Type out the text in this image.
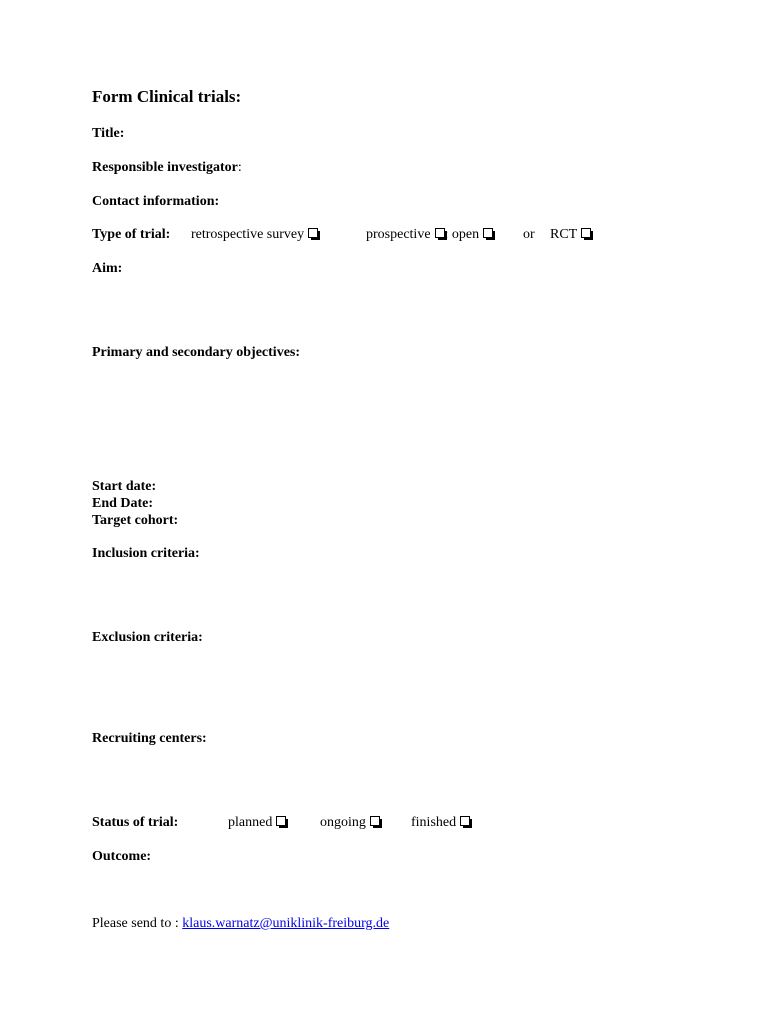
Form Clinical trials:
Title:
Responsible investigator:
Contact information:
Type of trial: retrospective survey	prospective : open	or RCT
Aim:
Primary and secondary objectives:
Start date:
End Date:
Target cohort:
Inclusion criteria:
Exclusion criteria:
Recruiting centers:
Status of trial:	planned	ongoing	finished
Outcome:
Please send to : klaus.warnatz@uniklinik-freiburg.de
